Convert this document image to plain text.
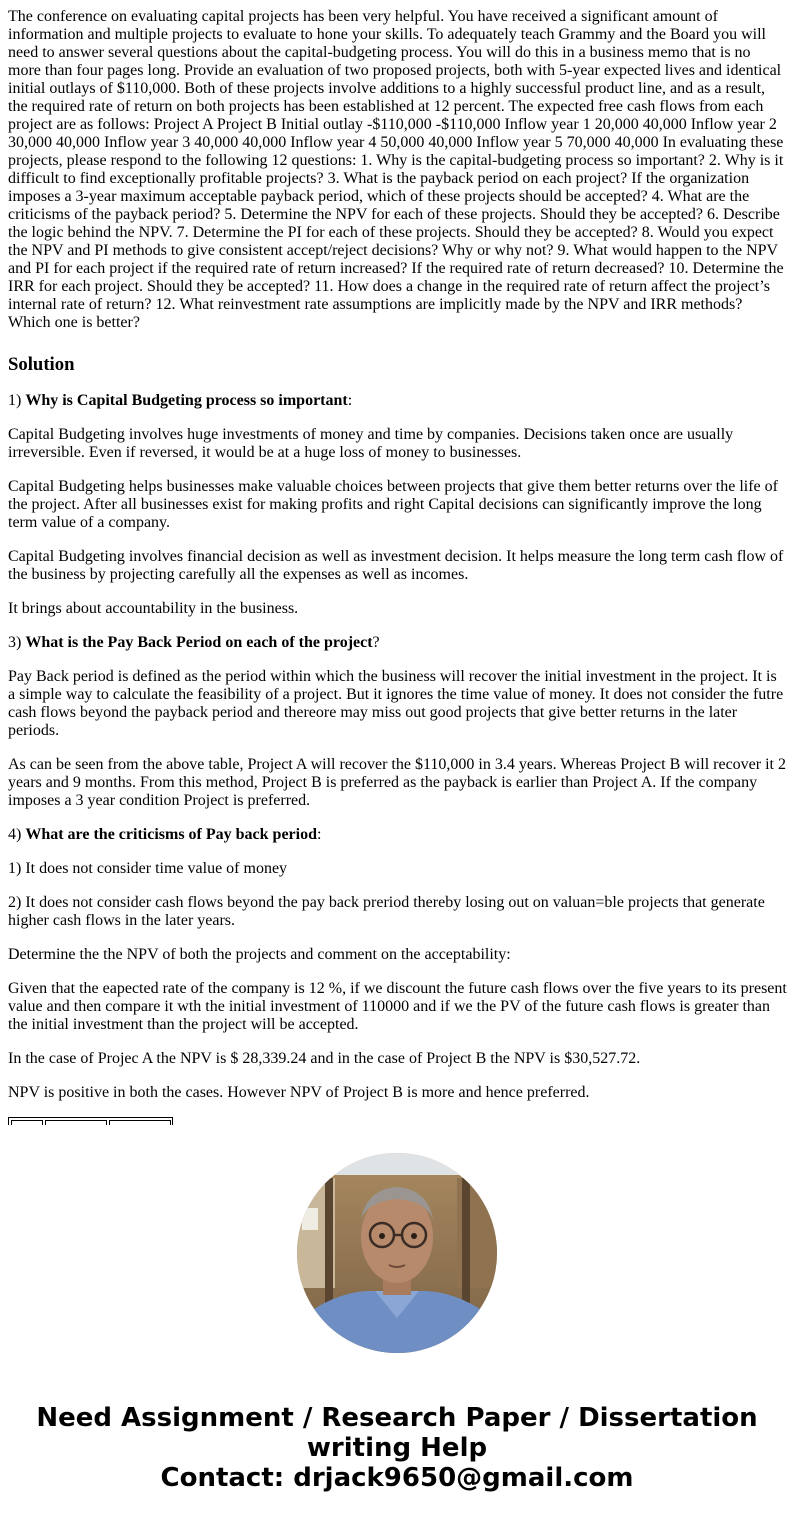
The conference on evaluating capital projects has been very helpful. You have received a significant amount of information and multiple projects to evaluate to hone your skills. To adequately teach Grammy and the Board you will need to answer several questions about the capital-budgeting process. You will do this in a business memo that is no more than four pages long. Provide an evaluation of two proposed projects, both with 5-year expected lives and identical initial outlays of $110,000. Both of these projects involve additions to a highly successful product line, and as a result, the required rate of return on both projects has been established at 12 percent. The expected free cash flows from each project are as follows: Project A Project B Initial outlay -$110,000 -$110,000 Inflow year 1 20,000 40,000 Inflow year 2 30,000 40,000 Inflow year 3 40,000 40,000 Inflow year 4 50,000 40,000 Inflow year 5 70,000 40,000 In evaluating these projects, please respond to the following 12 questions: 1. Why is the capital-budgeting process so important? 2. Why is it difficult to find exceptionally profitable projects? 3. What is the payback period on each project? If the organization imposes a 3-year maximum acceptable payback period, which of these projects should be accepted? 4. What are the criticisms of the payback period? 5. Determine the NPV for each of these projects. Should they be accepted? 6. Describe the logic behind the NPV. 7. Determine the PI for each of these projects. Should they be accepted? 8. Would you expect the NPV and PI methods to give consistent accept/reject decisions? Why or why not? 9. What would happen to the NPV and PI for each project if the required rate of return increased? If the required rate of return decreased? 10. Determine the IRR for each project. Should they be accepted? 11. How does a change in the required rate of return affect the project’s internal rate of return? 12. What reinvestment rate assumptions are implicitly made by the NPV and IRR methods? Which one is better?

Solution

1) Why is Capital Budgeting process so important:

Capital Budgeting involves huge investments of money and time by companies. Decisions taken once are usually irreversible. Even if reversed, it would be at a huge loss of money to businesses.

Capital Budgeting helps businesses make valuable choices between projects that give them better returns over the life of the project. After all businesses exist for making profits and right Capital decisions can significantly improve the long term value of a company.

Capital Budgeting involves financial decision as well as investment decision. It helps measure the long term cash flow of the business by projecting carefully all the expenses as well as incomes.

It brings about accountability in the business.

3) What is the Pay Back Period on each of the project?

Pay Back period is defined as the period within which the business will recover the initial investment in the project. It is a simple way to calculate the feasibility of a project. But it ignores the time value of money. It does not consider the futre cash flows beyond the payback period and thereore may miss out good projects that give better returns in the later periods.

As can be seen from the above table, Project A will recover the $110,000 in 3.4 years. Whereas Project B will recover it 2 years and 9 months. From this method, Project B is preferred as the payback is earlier than Project A. If the company imposes a 3 year condition Project is preferred.

4) What are the criticisms of Pay back period:

1) It does not consider time value of money

2) It does not consider cash flows beyond the pay back preriod thereby losing out on valuan=ble projects that generate higher cash flows in the later years.

Determine the the NPV of both the projects and comment on the acceptability:

Given that the eapected rate of the company is 12 %, if we discount the future cash flows over the five years to its present value and then compare it wth the initial investment of 110000 and if we the PV of the future cash flows is greater than the initial investment than the project will be accepted.

In the case of Projec A the NPV is $ 28,339.24 and in the case of Project B the NPV is $30,527.72.

NPV is positive in both the cases. However NPV of Project B is more and hence preferred.

Need Assignment / Research Paper / Dissertation
writing Help
Contact: drjack9650@gmail.com
